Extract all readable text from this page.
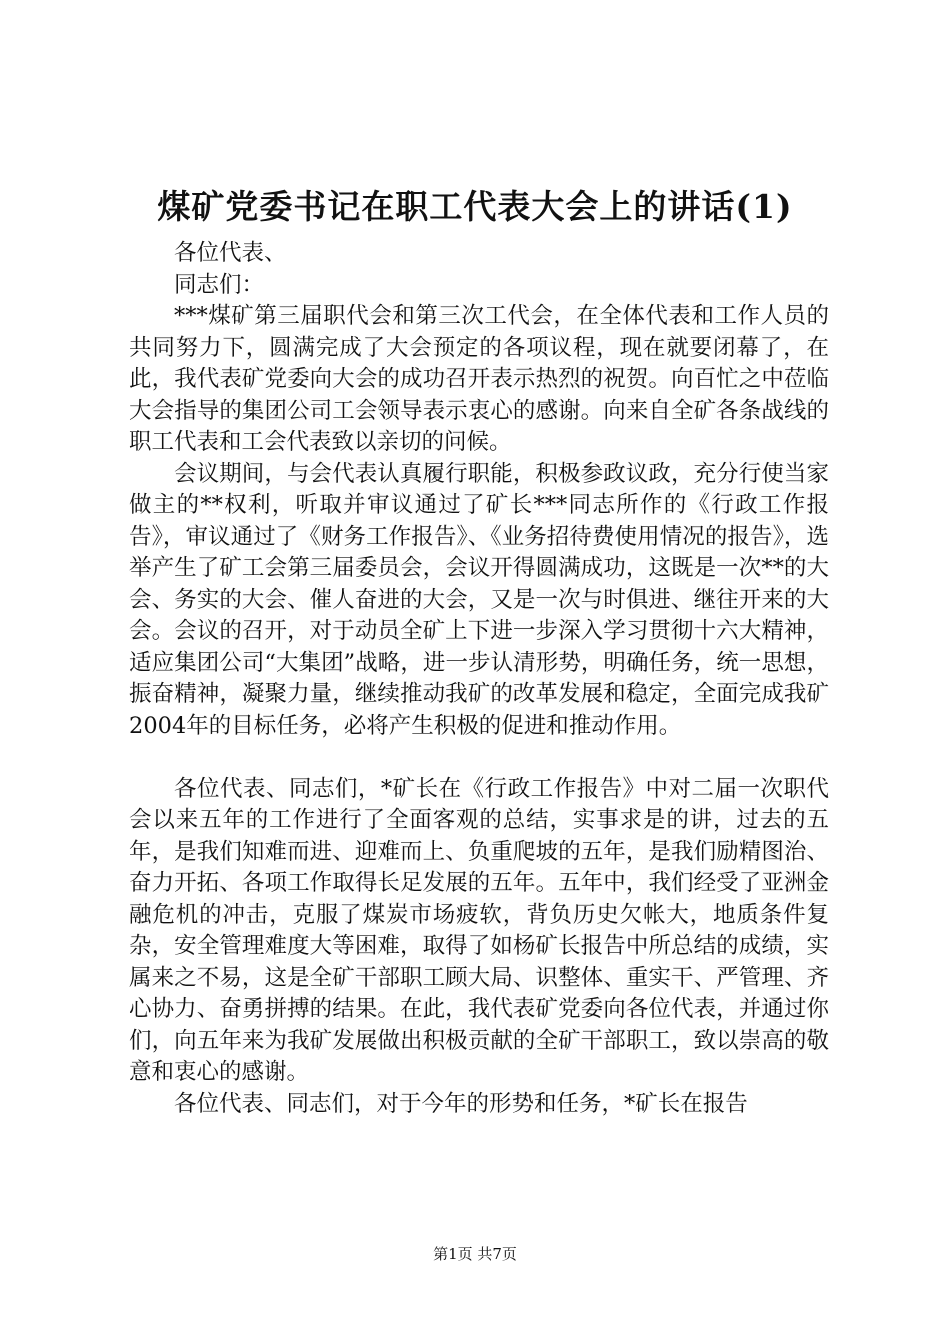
煤矿党委书记在职工代表大会上的讲话(1)

各位代表、

同志们：

***煤矿第三届职代会和第三次工代会，在全体代表和工作人员的共同努力下，圆满完成了大会预定的各项议程，现在就要闭幕了，在此，我代表矿党委向大会的成功召开表示热烈的祝贺。向百忙之中莅临大会指导的集团公司工会领导表示衷心的感谢。向来自全矿各条战线的职工代表和工会代表致以亲切的问候。

会议期间，与会代表认真履行职能，积极参政议政，充分行使当家做主的**权利，听取并审议通过了矿长***同志所作的《行政工作报告》，审议通过了《财务工作报告》、《业务招待费使用情况的报告》，选举产生了矿工会第三届委员会，会议开得圆满成功，这既是一次**的大会、务实的大会、催人奋进的大会，又是一次与时俱进、继往开来的大会。会议的召开，对于动员全矿上下进一步深入学习贯彻十六大精神，适应集团公司“大集团”战略，进一步认清形势，明确任务，统一思想，振奋精神，凝聚力量，继续推动我矿的改革发展和稳定，全面完成我矿2004年的目标任务，必将产生积极的促进和推动作用。

各位代表、同志们，*矿长在《行政工作报告》中对二届一次职代会以来五年的工作进行了全面客观的总结，实事求是的讲，过去的五年，是我们知难而进、迎难而上、负重爬坡的五年，是我们励精图治、奋力开拓、各项工作取得长足发展的五年。五年中，我们经受了亚洲金融危机的冲击，克服了煤炭市场疲软，背负历史欠帐大，地质条件复杂，安全管理难度大等困难，取得了如杨矿长报告中所总结的成绩，实属来之不易，这是全矿干部职工顾大局、识整体、重实干、严管理、齐心协力、奋勇拼搏的结果。在此，我代表矿党委向各位代表，并通过你们，向五年来为我矿发展做出积极贡献的全矿干部职工，致以崇高的敬意和衷心的感谢。

各位代表、同志们，对于今年的形势和任务，*矿长在报告

第1页 共7页
